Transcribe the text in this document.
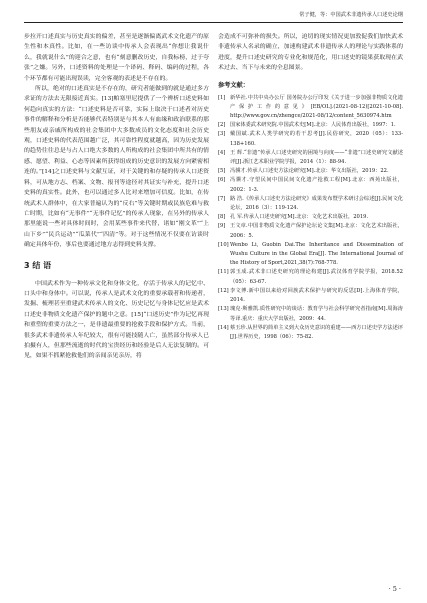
常子健，等：中国武术非遗传承人口述史论纲

步拉开口述真实与历史真实的偏差，甚至是逐渐偏离武术文化遗产的原生性和本真性。比如，在一些访谈中传承人会表现出“你想让我说什么，我就说什么”的迎合之意，也有“刻意删改历史，自我标榜，过于夸张”之嫌。另外，口述资料的处理是一个译码、释码、编码的过程，各个环节都有可能出现误读，完全客观的表述是不存在的。

所以，绝对的口述真实是不存在的，研究者能做到的就是通过多方求证的方法去无限接近真实。[13]帕塞里尼提供了一个辨析口述史料如何趋向真实的方法：“口述史料是否可靠，实际上取决于口述者对历史事件的解释和分析是否能够代表特别是与其本人有血缘和政治联系的那些朋友或亲戚所构成的社会集团中大多数成员的文化态度和社会历史观，口述史料的代表范围越广泛，其可靠性程度就越高，因为历史发展的趋势往往总是与占人口绝大多数的人所构成的社会集团中所共有的情感、愿望、利益、心态等因素所获得组成的历史意识的发展方向紧密相连的。”[14]之口述史料与文献互证，对于关键的和存疑的传承人口述资料，可从地方志、档案、文物、报刊等途径对其证实与补充，提升口述史料的真实性。此外，也可以通过多人比对来增加可信度。比如，在传统武术人群体中，在大家普遍认为的“反右”等关键时期或民族危难与救亡时期，比如有“无事件”“无事件记忆”的传承人现象，在另外的传承人那里能说一些对具体时间时，会用某些事件来代替，诸如“刚文革”“上山下乡”“民兵运动”“瓜菜代”“四清”等。对于这些情况不仅要在访谈时确定具体年份，事后也要通过地方志得到史料支撑。

3 结 语

中国武术作为一种传承文化和身体文化，存活于传承人的记忆中、口头中和身体中。可以说，传承人是武术文化的重要承载者和传递者，发掘、梳理甚至重建武术传承人的文化、历史记忆与身体记忆应是武术口述史非物质文化遗产保护的题中之意。[15]“口述历史”作为记忆再现和重塑的重要方法之一，是非遗最重要的抢救手段和保护方式。当前，很多武术非遗传承人年纪较大，很有可能技随人亡，虽然部分传承人已拍摄有人，但那些流逝的时代的宝贵经历和经验是后人无法复制的。可见，如果不抓紧抢救他们的亲闻亲见亲历，将

会造成不可弥补的损失。所以，迫切的现实情况更加敦促我们加快武术非遗传承人名录的确立，加速构建武术非遗传承人的理论与实践体系的进度，提升口述史研究的专业化和规范化，用口述史的镜果获取现在武术过去、当下与未来的全息图景。

参考文献：
[1] 新华社.中共中央办公厅 国务院办公厅印发《关于进一步加强非物质文化遗产保护工作的意见》[EB/OL].(2021-08-12)[2021-10-08]. http://www.gov.cn/zhengce/2021-08/12/content_5630974.htm
[2] 国家体委武术研究院.中国武术史[M].北京：人民体育出版社，1997：1.
[3] 戴国斌.武术人类学研究的若干思考[J].民俗研究，2020（05）：133-138+160.
[4] 王 辉.“非遗”传承人口述史研究的困境与向度——“非遗”口述史研究文献述评[J].浙江艺术职业学院学报，2014（1）：88-94.
[5] 冯骥才.传承人口述史方法论研究[M].北京：华文出版社，2019：22.
[6] 冯骥才.守望民间中国民间文化遗产抢救工程[M].北京：西苑出版社，2002：1-3.
[7] 路 浩.《传承人口述史方法论研究》成果发布暨学术研讨会综述[J].民间文化论坛，2016（3）：119-124.
[8] 孔 军.传承人口述史研究[M].北京：文化艺术出版社，2019.
[9] 王文章.中国非物质文化遗产保护论坛论文集[M].北京：文化艺术出版社，2006：5.
[10] Wenbo Li, Guobin Dai.The Inheritance and Dissemination of Wushu Culture in the Global Era[J]. The International Journal of the History of Sport,2021,38(7):768-778.
[11] 郭玉成.武术非口述史研究的理论构建[J].武汉体育学院学报，2018.52（05）：63-67.
[12] 李文博.新中国以来给对回族武术保护与研究的反思[D].上海体育学院，2014.
[13] 瑰克·斯雅凯.质性研究中的谈话：教育学与社会科学研究者指南[M].周海涛等译.重庆：重庆大学出版社，2009：44.
[14] 蔡玉珍.从世界的简单主义到大众历史意识的重建——西方口述史学方法述评[J].世界历史，1998（06）：75-82.
· 5 ·
